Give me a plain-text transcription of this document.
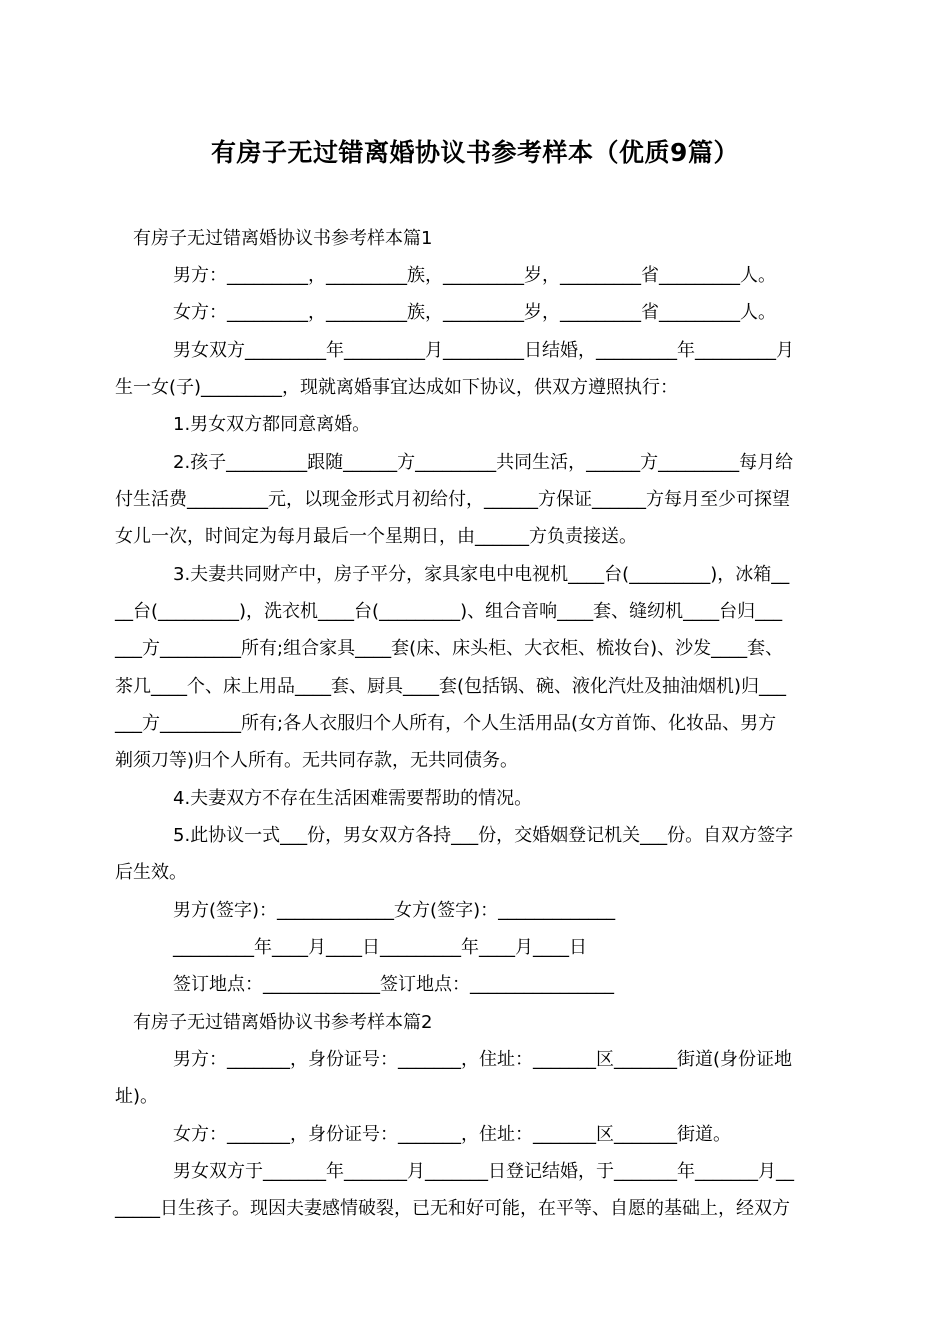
有房子无过错离婚协议书参考样本（优质9篇）
有房子无过错离婚协议书参考样本篇1
男方：_________，_________族，_________岁，_________省_________人。
女方：_________，_________族，_________岁，_________省_________人。
男女双方_________年_________月_________日结婚，_________年_________月
生一女(子)_________，现就离婚事宜达成如下协议，供双方遵照执行：
1.男女双方都同意离婚。
2.孩子_________跟随______方_________共同生活，______方_________每月给
付生活费_________元，以现金形式月初给付，______方保证______方每月至少可探望
女儿一次，时间定为每月最后一个星期日，由______方负责接送。
3.夫妻共同财产中，房子平分，家具家电中电视机____台(_________)，冰箱__
__台(_________)，洗衣机____台(_________)、组合音响____套、缝纫机____台归___
___方_________所有;组合家具____套(床、床头柜、大衣柜、梳妆台)、沙发____套、
茶几____个、床上用品____套、厨具____套(包括锅、碗、液化汽灶及抽油烟机)归___
___方_________所有;各人衣服归个人所有，个人生活用品(女方首饰、化妆品、男方
剃须刀等)归个人所有。无共同存款，无共同债务。
4.夫妻双方不存在生活困难需要帮助的情况。
5.此协议一式___份，男女双方各持___份，交婚姻登记机关___份。自双方签字
后生效。
男方(签字)：_____________女方(签字)：_____________
_________年____月____日_________年____月____日
签订地点：_____________签订地点：________________
有房子无过错离婚协议书参考样本篇2
男方：_______，身份证号：_______，住址：_______区_______街道(身份证地
址)。
女方：_______，身份证号：_______，住址：_______区_______街道。
男女双方于_______年_______月_______日登记结婚，于_______年_______月__
_____日生孩子。现因夫妻感情破裂，已无和好可能，在平等、自愿的基础上，经双方
